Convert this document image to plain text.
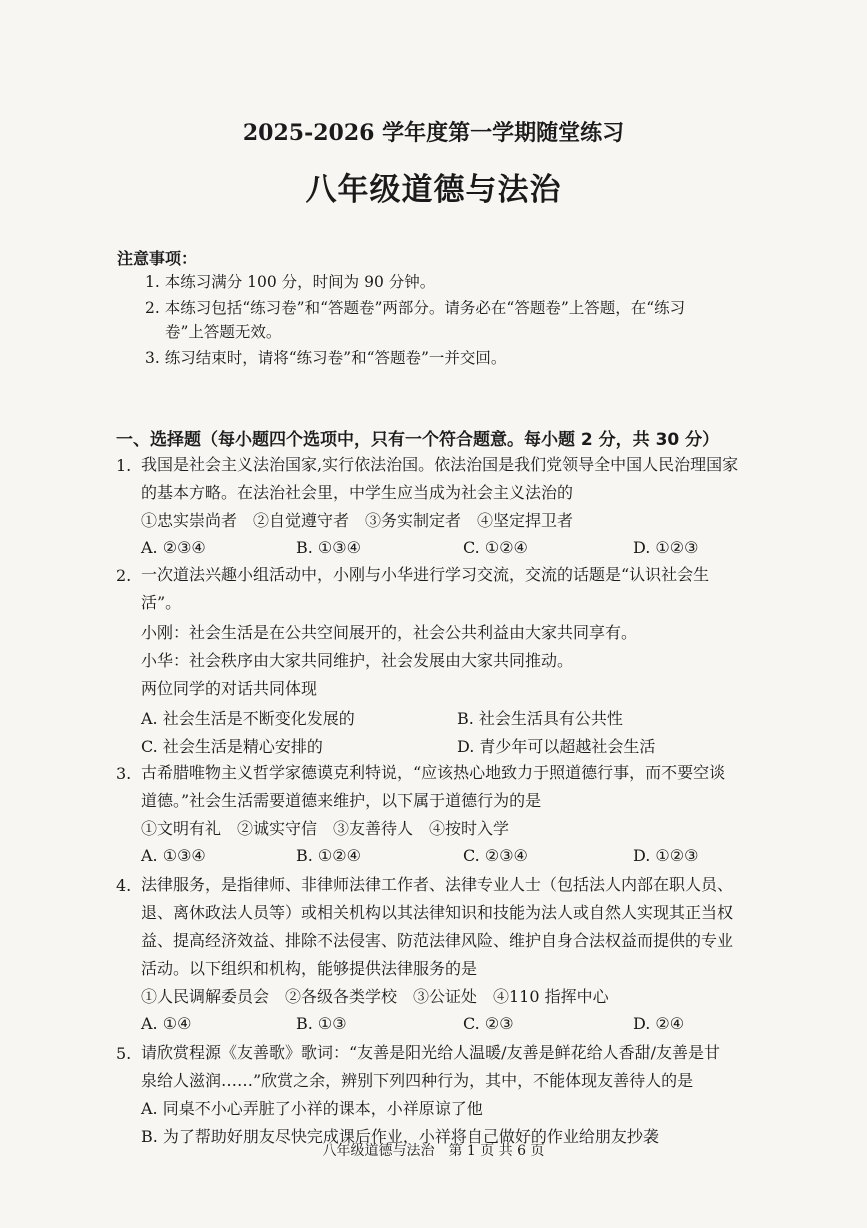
2025-2026 学年度第一学期随堂练习
八年级道德与法治
注意事项：
1. 本练习满分 100 分，时间为 90 分钟。
2. 本练习包括“练习卷”和“答题卷”两部分。请务必在“答题卷”上答题，在“练习
卷”上答题无效。
3. 练习结束时，请将“练习卷”和“答题卷”一并交回。
一、选择题（每小题四个选项中，只有一个符合题意。每小题 2 分，共 30 分）
1. 我国是社会主义法治国家,实行依法治国。依法治国是我们党领导全中国人民治理国家
的基本方略。在法治社会里，中学生应当成为社会主义法治的
①忠实崇尚者　②自觉遵守者　③务实制定者　④坚定捍卫者
A. ②③④	B. ①③④	C. ①②④	D. ①②③
2. 一次道法兴趣小组活动中，小刚与小华进行学习交流，交流的话题是“认识社会生
活”。
小刚：社会生活是在公共空间展开的，社会公共利益由大家共同享有。
小华：社会秩序由大家共同维护，社会发展由大家共同推动。
两位同学的对话共同体现
A. 社会生活是不断变化发展的	B. 社会生活具有公共性
C. 社会生活是精心安排的	D. 青少年可以超越社会生活
3. 古希腊唯物主义哲学家德谟克利特说，“应该热心地致力于照道德行事，而不要空谈
道德。”社会生活需要道德来维护，以下属于道德行为的是
①文明有礼　②诚实守信　③友善待人　④按时入学
A. ①③④	B. ①②④	C. ②③④	D. ①②③
4. 法律服务，是指律师、非律师法律工作者、法律专业人士（包括法人内部在职人员、
退、离休政法人员等）或相关机构以其法律知识和技能为法人或自然人实现其正当权
益、提高经济效益、排除不法侵害、防范法律风险、维护自身合法权益而提供的专业
活动。以下组织和机构，能够提供法律服务的是
①人民调解委员会　②各级各类学校　③公证处　④110 指挥中心
A. ①④	B. ①③	C. ②③	D. ②④
5. 请欣赏程源《友善歌》歌词：“友善是阳光给人温暖/友善是鲜花给人香甜/友善是甘
泉给人滋润……”欣赏之余，辨别下列四种行为，其中，不能体现友善待人的是
A. 同桌不小心弄脏了小祥的课本，小祥原谅了他
B. 为了帮助好朋友尽快完成课后作业，小祥将自己做好的作业给朋友抄袭
八年级道德与法治　第 1 页 共 6 页
